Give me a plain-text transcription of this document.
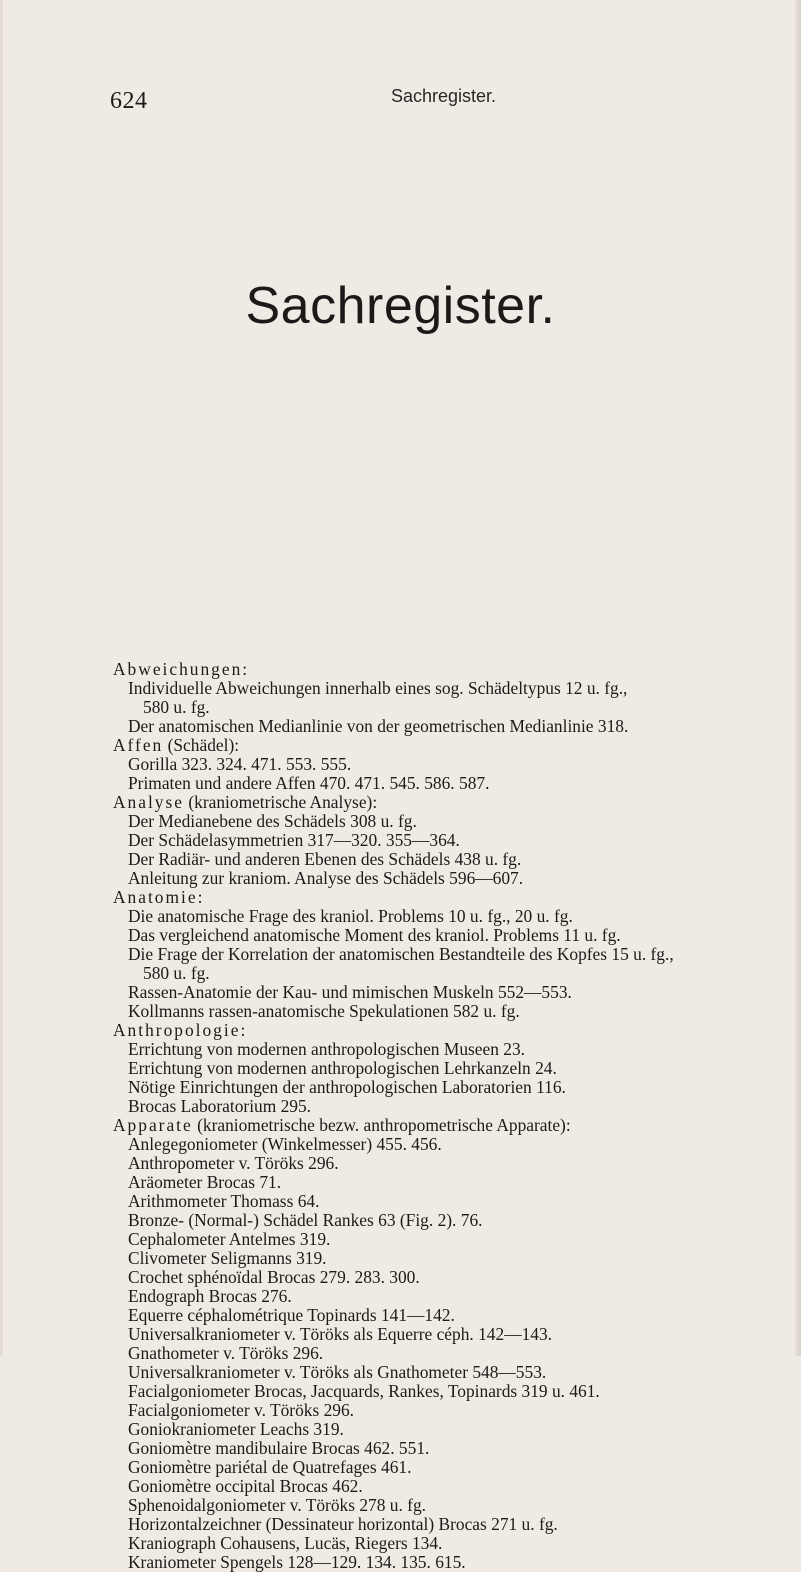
624	Sachregister.
Sachregister.
Abweichungen:
Individuelle Abweichungen innerhalb eines sog. Schädeltypus 12 u. fg.,
580 u. fg.
Der anatomischen Medianlinie von der geometrischen Medianlinie 318.
Affen (Schädel):
Gorilla 323. 324. 471. 553. 555.
Primaten und andere Affen 470. 471. 545. 586. 587.
Analyse (kraniometrische Analyse):
Der Medianebene des Schädels 308 u. fg.
Der Schädelasymmetrien 317—320. 355—364.
Der Radiär- und anderen Ebenen des Schädels 438 u. fg.
Anleitung zur kraniom. Analyse des Schädels 596—607.
Anatomie:
Die anatomische Frage des kraniol. Problems 10 u. fg., 20 u. fg.
Das vergleichend anatomische Moment des kraniol. Problems 11 u. fg.
Die Frage der Korrelation der anatomischen Bestandteile des Kopfes 15 u. fg.,
580 u. fg.
Rassen-Anatomie der Kau- und mimischen Muskeln 552—553.
Kollmanns rassen-anatomische Spekulationen 582 u. fg.
Anthropologie:
Errichtung von modernen anthropologischen Museen 23.
Errichtung von modernen anthropologischen Lehrkanzeln 24.
Nötige Einrichtungen der anthropologischen Laboratorien 116.
Brocas Laboratorium 295.
Apparate (kraniometrische bezw. anthropometrische Apparate):
Anlegegoniometer (Winkelmesser) 455. 456.
Anthropometer v. Töröks 296.
Aräometer Brocas 71.
Arithmometer Thomass 64.
Bronze- (Normal-) Schädel Rankes 63 (Fig. 2). 76.
Cephalometer Antelmes 319.
Clivometer Seligmanns 319.
Crochet sphénoïdal Brocas 279. 283. 300.
Endograph Brocas 276.
Equerre céphalométrique Topinards 141—142.
Universalkraniometer v. Töröks als Equerre céph. 142—143.
Gnathometer v. Töröks 296.
Universalkraniometer v. Töröks als Gnathometer 548—553.
Facialgoniometer Brocas, Jacquards, Rankes, Topinards 319 u. 461.
Facialgoniometer v. Töröks 296.
Goniokraniometer Leachs 319.
Goniomètre mandibulaire Brocas 462. 551.
Goniomètre pariétal de Quatrefages 461.
Goniomètre occipital Brocas 462.
Sphenoidalgoniometer v. Töröks 278 u. fg.
Horizontalzeichner (Dessinateur horizontal) Brocas 271 u. fg.
Kraniograph Cohausens, Lucäs, Riegers 134.
Kraniometer Spengels 128—129. 134. 135. 615.
